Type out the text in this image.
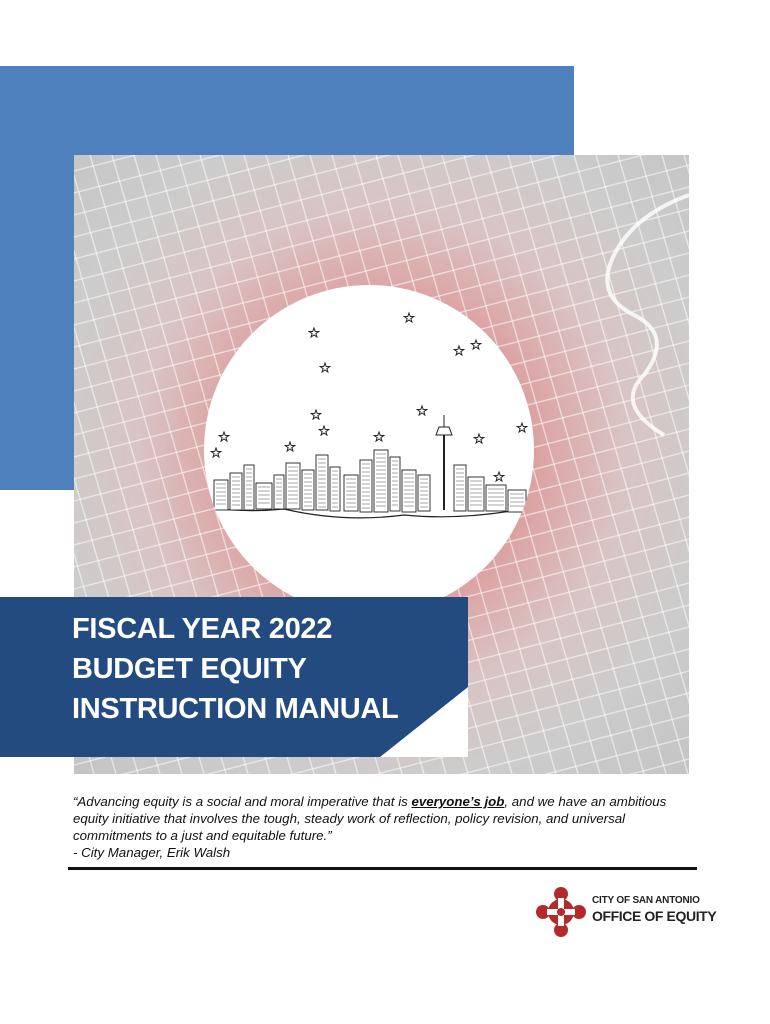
FISCAL YEAR 2022
BUDGET EQUITY
INSTRUCTION MANUAL
“Advancing equity is a social and moral imperative that is everyone’s job, and we have an ambitious equity initiative that involves the tough, steady work of reflection, policy revision, and universal commitments to a just and equitable future.”
- City Manager, Erik Walsh
CITY OF SAN ANTONIO
OFFICE OF EQUITY
